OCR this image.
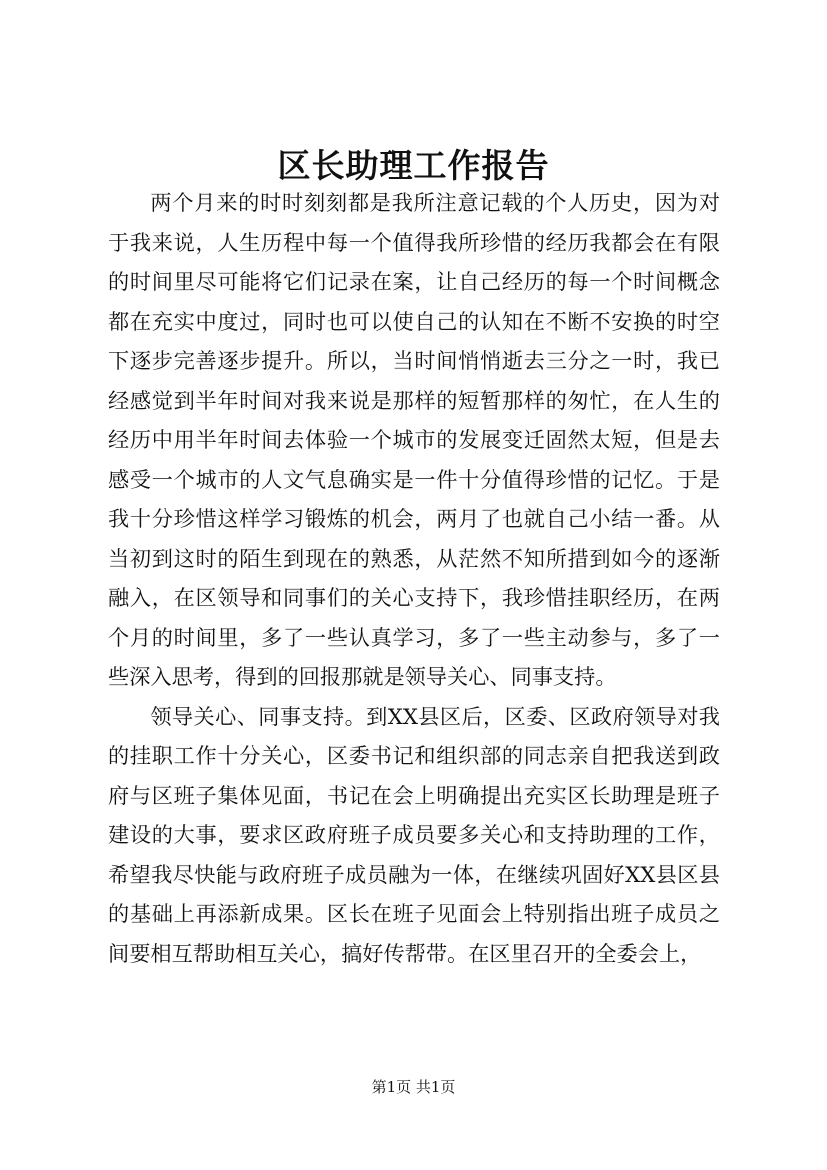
区长助理工作报告

两个月来的时时刻刻都是我所注意记载的个人历史，因为对于我来说，人生历程中每一个值得我所珍惜的经历我都会在有限的时间里尽可能将它们记录在案，让自己经历的每一个时间概念都在充实中度过，同时也可以使自己的认知在不断不安换的时空下逐步完善逐步提升。所以，当时间悄悄逝去三分之一时，我已经感觉到半年时间对我来说是那样的短暂那样的匆忙，在人生的经历中用半年时间去体验一个城市的发展变迁固然太短，但是去感受一个城市的人文气息确实是一件十分值得珍惜的记忆。于是我十分珍惜这样学习锻炼的机会，两月了也就自己小结一番。从当初到这时的陌生到现在的熟悉，从茫然不知所措到如今的逐渐融入，在区领导和同事们的关心支持下，我珍惜挂职经历，在两个月的时间里，多了一些认真学习，多了一些主动参与，多了一些深入思考，得到的回报那就是领导关心、同事支持。

领导关心、同事支持。到XX县区后，区委、区政府领导对我的挂职工作十分关心，区委书记和组织部的同志亲自把我送到政府与区班子集体见面，书记在会上明确提出充实区长助理是班子建设的大事，要求区政府班子成员要多关心和支持助理的工作，希望我尽快能与政府班子成员融为一体，在继续巩固好XX县区县的基础上再添新成果。区长在班子见面会上特别指出班子成员之间要相互帮助相互关心，搞好传帮带。在区里召开的全委会上，

第1页 共1页
